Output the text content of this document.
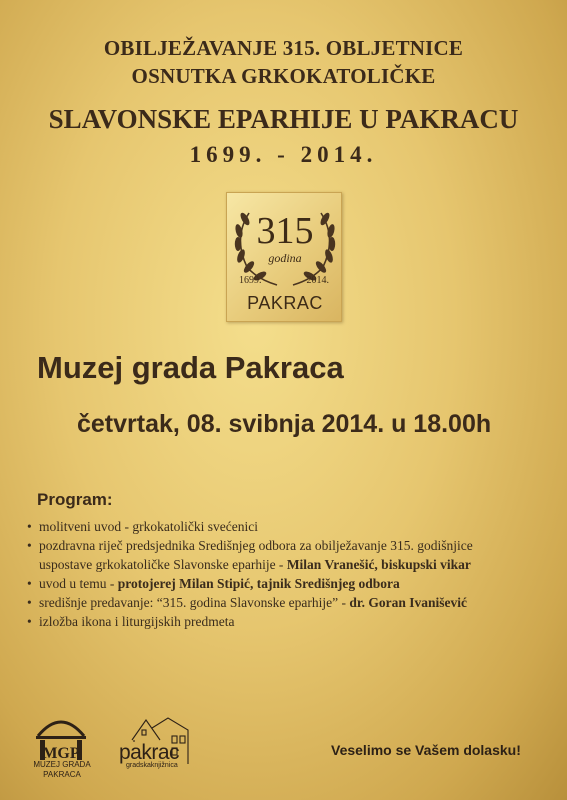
OBILJEŽAVANJE 315. OBLJETNICE
OSNUTKA GRKOKATOLIČKE
SLAVONSKE EPARHIJE U PAKRACU
1699. - 2014.
315
godina
1699.	2014.
PAKRAC
Muzej grada Pakraca
četvrtak, 08. svibnja 2014. u 18.00h
Program:
• molitveni uvod - grkokatolički svećenici
• pozdravna riječ predsjednika Središnjeg odbora za obilježavanje 315. godišnjice
uspostave grkokatoličke Slavonske eparhije - Milan Vranešić, biskupski vikar
• uvod u temu - protojerej Milan Stipić, tajnik Središnjeg odbora
• središnje predavanje: “315. godina Slavonske eparhije” - dr. Goran Ivanišević
• izložba ikona i liturgijskih predmeta
MGP
MUZEJ GRADA PAKRACA
pakrac
gradskaknjižnica
Veselimo se Vašem dolasku!
